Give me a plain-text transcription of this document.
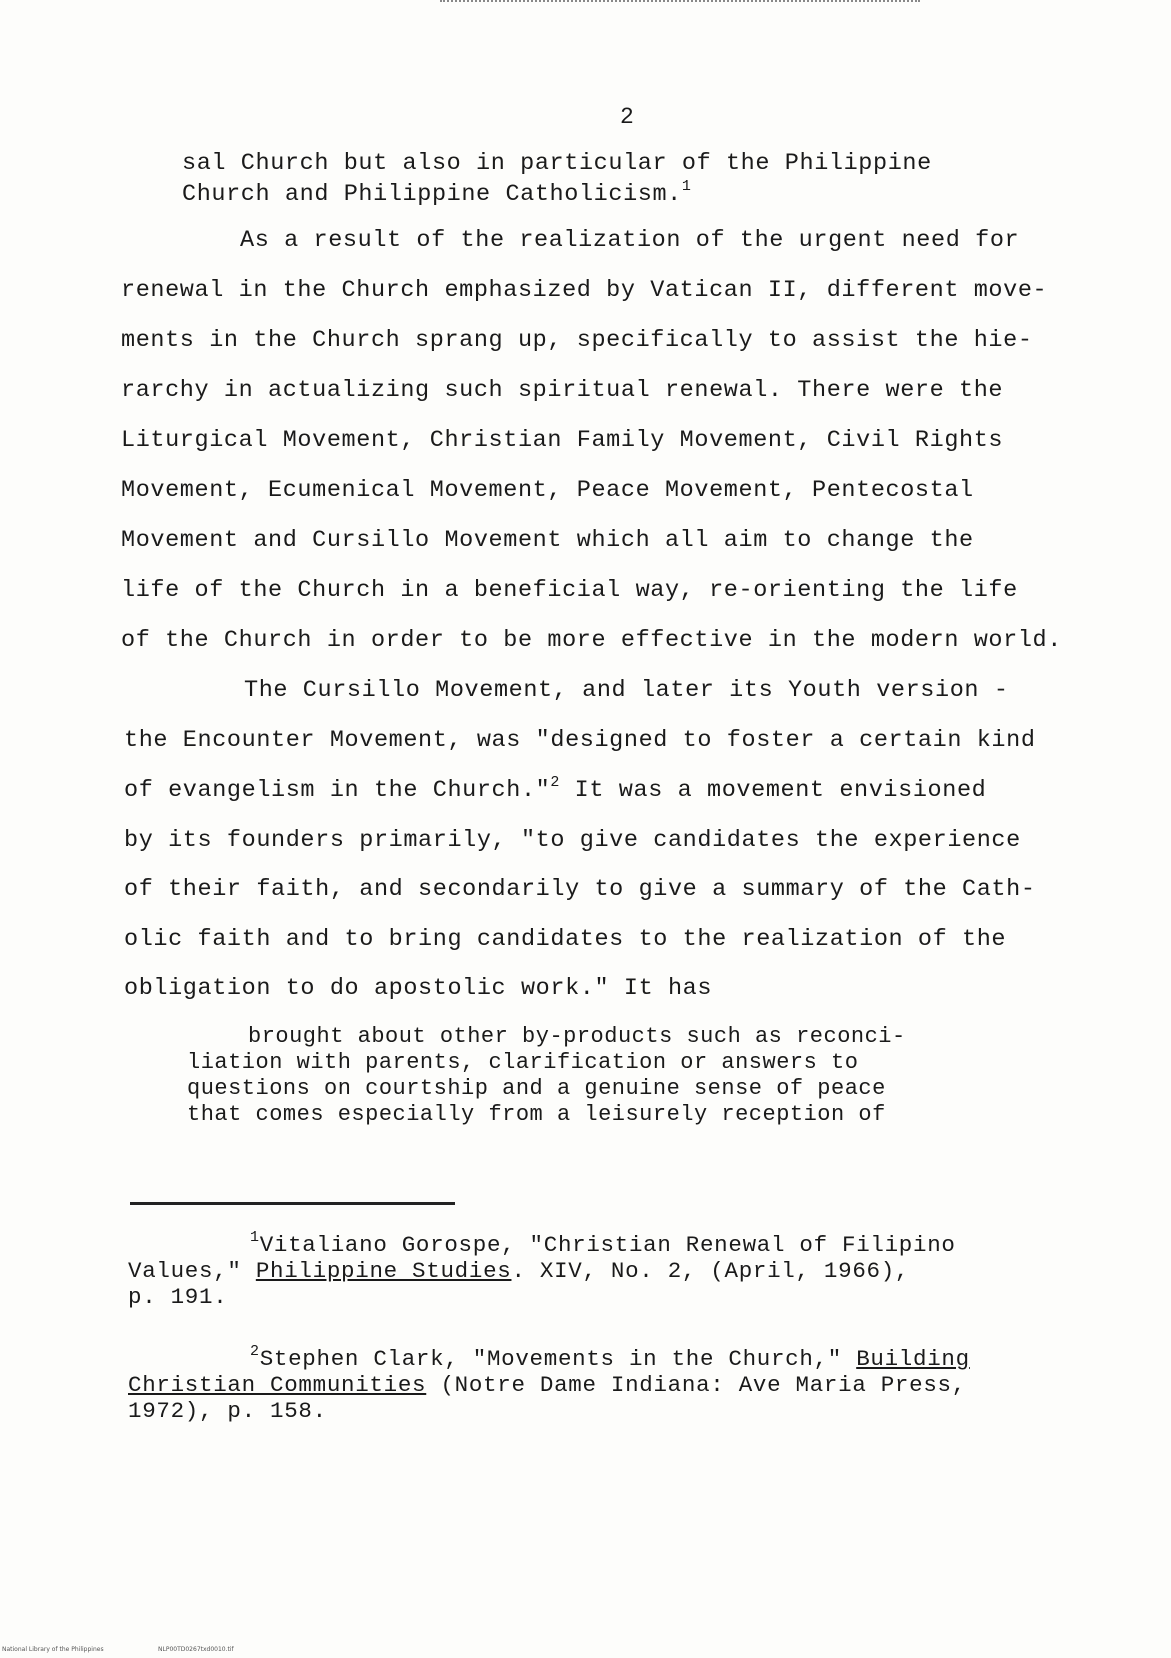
2
sal Church but also in particular of the Philippine
Church and Philippine Catholicism.$^1$
As a result of the realization of the urgent need for
renewal in the Church emphasized by Vatican II, different move-
ments in the Church sprang up, specifically to assist the hie-
rarchy in actualizing such spiritual renewal. There were the
Liturgical Movement, Christian Family Movement, Civil Rights
Movement, Ecumenical Movement, Peace Movement, Pentecostal
Movement and Cursillo Movement which all aim to change the
life of the Church in a beneficial way, re-orienting the life
of the Church in order to be more effective in the modern world.
The Cursillo Movement, and later its Youth version -
the Encounter Movement, was "designed to foster a certain kind
of evangelism in the Church."$^2$ It was a movement envisioned
by its founders primarily, "to give candidates the experience
of their faith, and secondarily to give a summary of the Cath-
olic faith and to bring candidates to the realization of the
obligation to do apostolic work." It has
brought about other by-products such as reconci-
liation with parents, clarification or answers to
questions on courtship and a genuine sense of peace
that comes especially from a leisurely reception of
$^1$Vitaliano Gorospe, "Christian Renewal of Filipino
Values," Philippine Studies. XIV, No. 2, (April, 1966),
p. 191.
$^2$Stephen Clark, "Movements in the Church," Building
Christian Communities (Notre Dame Indiana: Ave Maria Press,
1972), p. 158.
National Library of the Philippines	NLP00TD0267txd0010.tif
